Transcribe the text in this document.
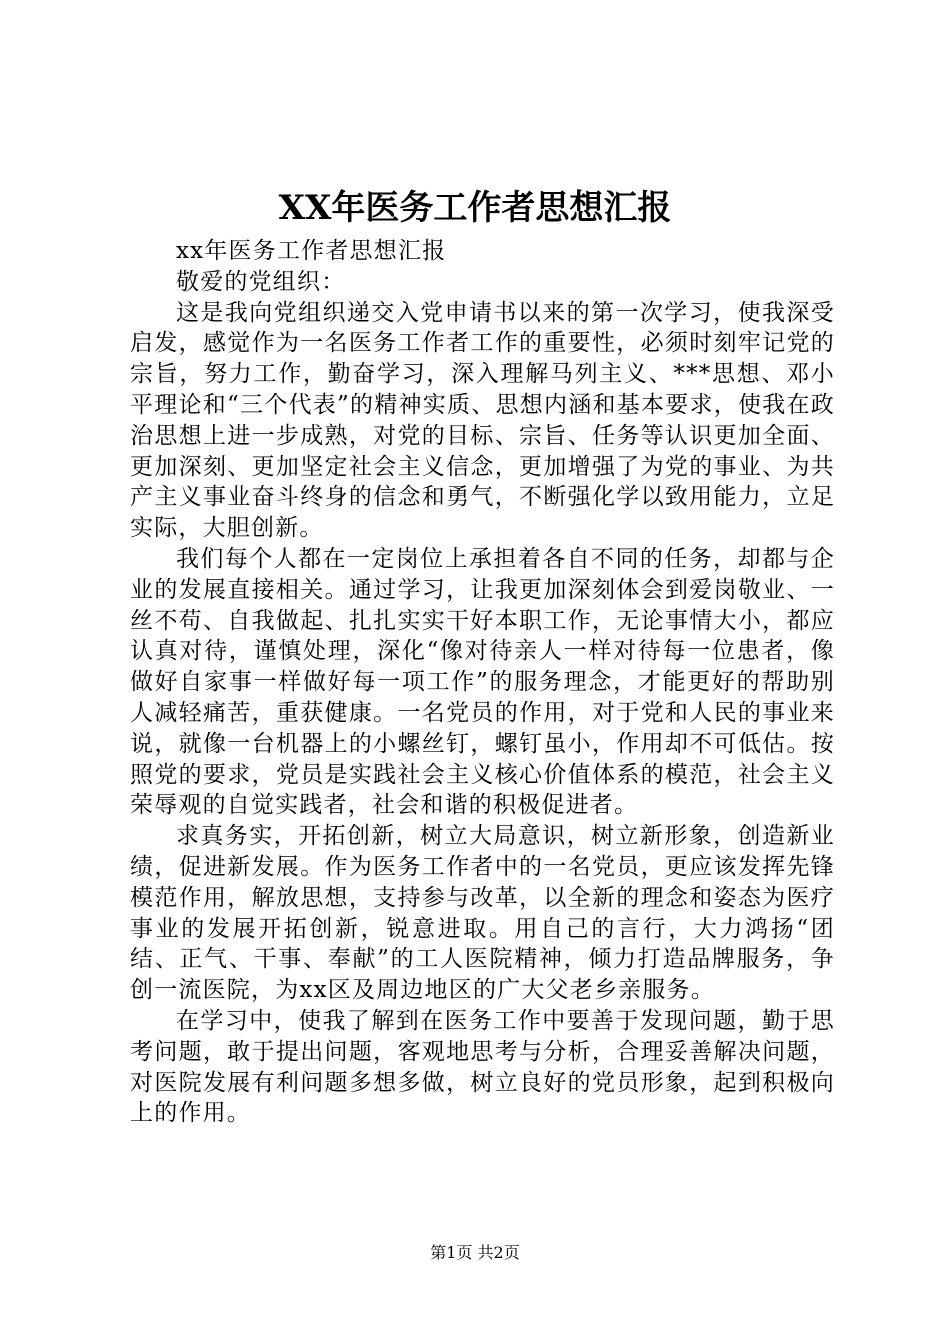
XX年医务工作者思想汇报

xx年医务工作者思想汇报

敬爱的党组织：

这是我向党组织递交入党申请书以来的第一次学习，使我深受启发，感觉作为一名医务工作者工作的重要性，必须时刻牢记党的宗旨，努力工作，勤奋学习，深入理解马列主义、***思想、邓小平理论和“三个代表”的精神实质、思想内涵和基本要求，使我在政治思想上进一步成熟，对党的目标、宗旨、任务等认识更加全面、更加深刻、更加坚定社会主义信念，更加增强了为党的事业、为共产主义事业奋斗终身的信念和勇气，不断强化学以致用能力，立足实际，大胆创新。

我们每个人都在一定岗位上承担着各自不同的任务，却都与企业的发展直接相关。通过学习，让我更加深刻体会到爱岗敬业、一丝不苟、自我做起、扎扎实实干好本职工作，无论事情大小，都应认真对待，谨慎处理，深化“像对待亲人一样对待每一位患者，像做好自家事一样做好每一项工作”的服务理念，才能更好的帮助别人减轻痛苦，重获健康。一名党员的作用，对于党和人民的事业来说，就像一台机器上的小螺丝钉，螺钉虽小，作用却不可低估。按照党的要求，党员是实践社会主义核心价值体系的模范，社会主义荣辱观的自觉实践者，社会和谐的积极促进者。

求真务实，开拓创新，树立大局意识，树立新形象，创造新业绩，促进新发展。作为医务工作者中的一名党员，更应该发挥先锋模范作用，解放思想，支持参与改革，以全新的理念和姿态为医疗事业的发展开拓创新，锐意进取。用自己的言行，大力鸿扬“团结、正气、干事、奉献”的工人医院精神，倾力打造品牌服务，争创一流医院，为xx区及周边地区的广大父老乡亲服务。

在学习中，使我了解到在医务工作中要善于发现问题，勤于思考问题，敢于提出问题，客观地思考与分析，合理妥善解决问题，对医院发展有利问题多想多做，树立良好的党员形象，起到积极向上的作用。

第1页 共2页
